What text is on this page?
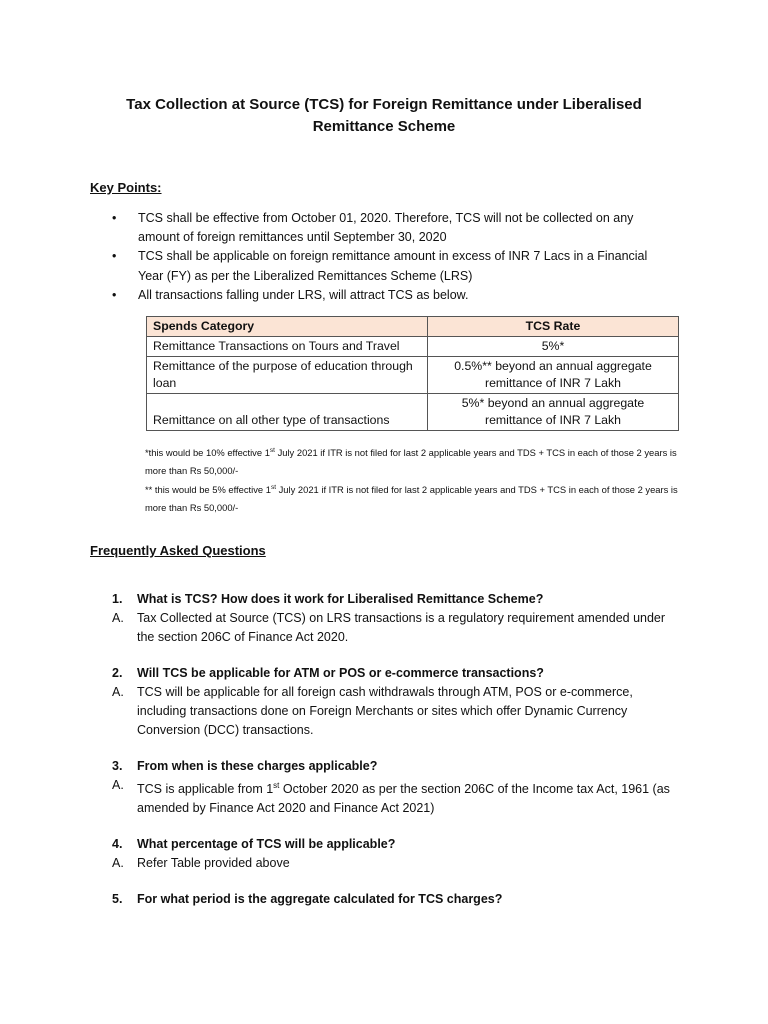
Tax Collection at Source (TCS) for Foreign Remittance under Liberalised Remittance Scheme
Key Points:
• TCS shall be effective from October 01, 2020. Therefore, TCS will not be collected on any amount of foreign remittances until September 30, 2020
• TCS shall be applicable on foreign remittance amount in excess of INR 7 Lacs in a Financial Year (FY) as per the Liberalized Remittances Scheme (LRS)
• All transactions falling under LRS, will attract TCS as below.
Spends Category	TCS Rate
Remittance Transactions on Tours and Travel	5%*
Remittance of the purpose of education through loan	0.5%** beyond an annual aggregate remittance of INR 7 Lakh
Remittance on all other type of transactions	5%* beyond an annual aggregate remittance of INR 7 Lakh
*this would be 10% effective 1st July 2021 if ITR is not filed for last 2 applicable years and TDS + TCS in each of those 2 years is more than Rs 50,000/-
** this would be 5% effective 1st July 2021 if ITR is not filed for last 2 applicable years and TDS + TCS in each of those 2 years is more than Rs 50,000/-
Frequently Asked Questions
1. What is TCS? How does it work for Liberalised Remittance Scheme?
A. Tax Collected at Source (TCS) on LRS transactions is a regulatory requirement amended under the section 206C of Finance Act 2020.
2. Will TCS be applicable for ATM or POS or e-commerce transactions?
A. TCS will be applicable for all foreign cash withdrawals through ATM, POS or e-commerce, including transactions done on Foreign Merchants or sites which offer Dynamic Currency Conversion (DCC) transactions.
3. From when is these charges applicable?
A. TCS is applicable from 1st October 2020 as per the section 206C of the Income tax Act, 1961 (as amended by Finance Act 2020 and Finance Act 2021)
4. What percentage of TCS will be applicable?
A. Refer Table provided above
5. For what period is the aggregate calculated for TCS charges?
